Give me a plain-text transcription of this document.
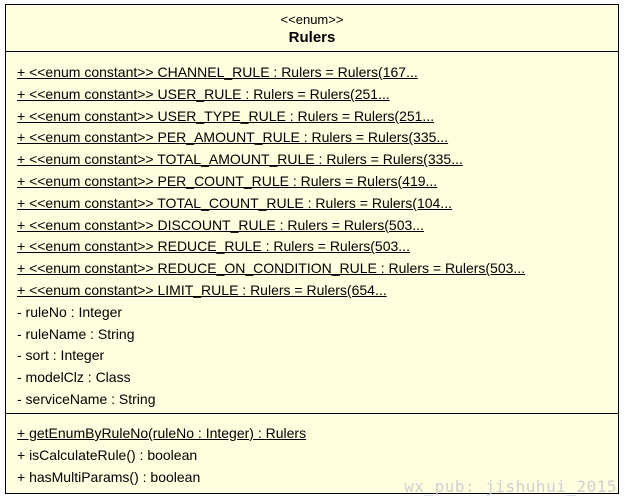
<<enum>>
Rulers
+ <<enum constant>> CHANNEL_RULE : Rulers = Rulers(167...
+ <<enum constant>> USER_RULE : Rulers = Rulers(251...
+ <<enum constant>> USER_TYPE_RULE : Rulers = Rulers(251...
+ <<enum constant>> PER_AMOUNT_RULE : Rulers = Rulers(335...
+ <<enum constant>> TOTAL_AMOUNT_RULE : Rulers = Rulers(335...
+ <<enum constant>> PER_COUNT_RULE : Rulers = Rulers(419...
+ <<enum constant>> TOTAL_COUNT_RULE : Rulers = Rulers(104...
+ <<enum constant>> DISCOUNT_RULE : Rulers = Rulers(503...
+ <<enum constant>> REDUCE_RULE : Rulers = Rulers(503...
+ <<enum constant>> REDUCE_ON_CONDITION_RULE : Rulers = Rulers(503...
+ <<enum constant>> LIMIT_RULE : Rulers = Rulers(654...
- ruleNo : Integer
- ruleName : String
- sort : Integer
- modelClz : Class
- serviceName : String
+ getEnumByRuleNo(ruleNo : Integer) : Rulers
+ isCalculateRule() : boolean
+ hasMultiParams() : boolean
wx_pub: jishuhui_2015
